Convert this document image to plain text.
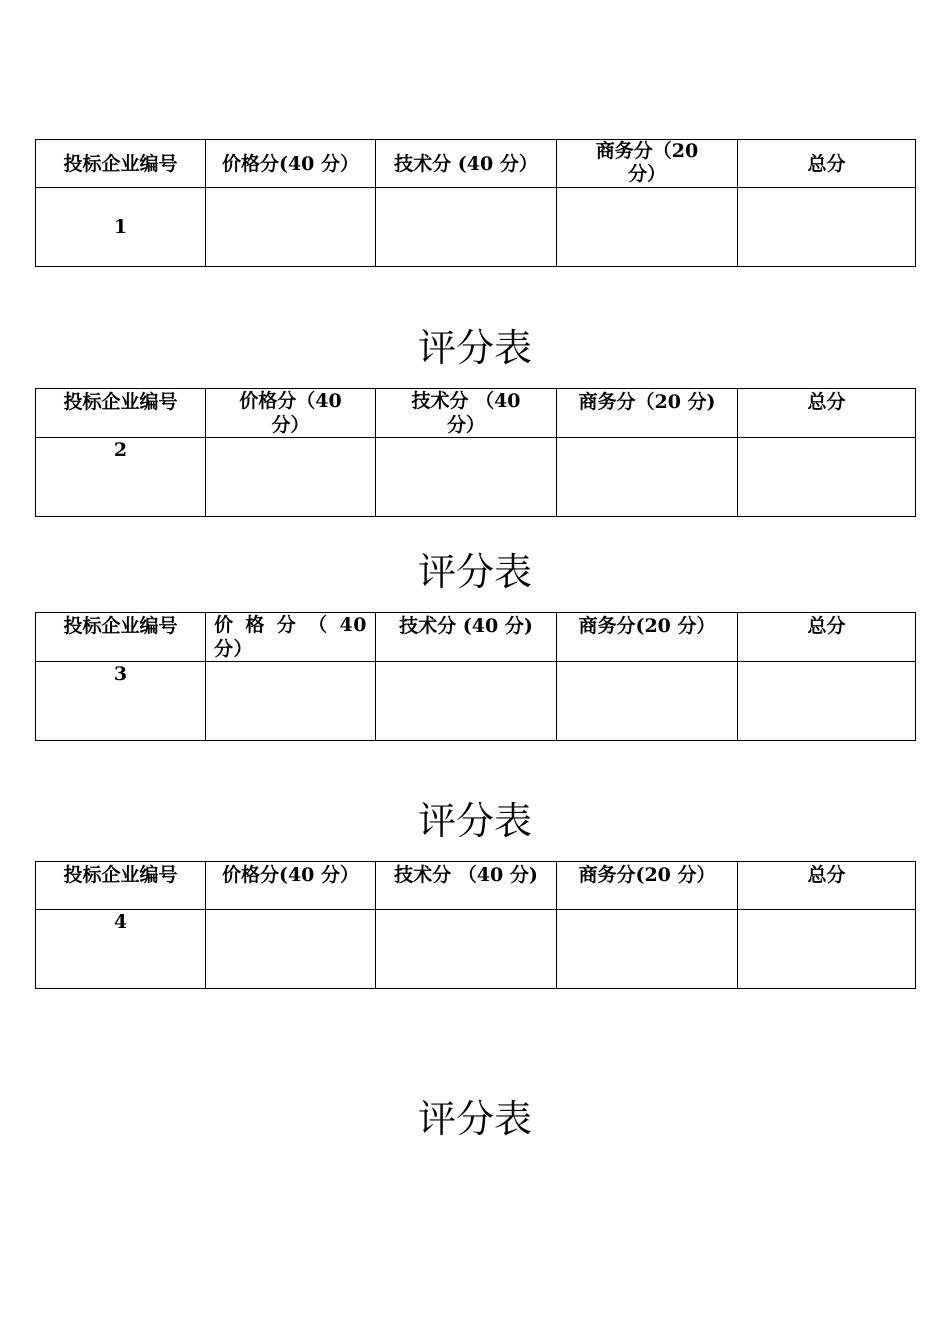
投标企业编号	价格分(40 分）	技术分 (40 分）	商务分（20 分）	总分
1				
评分表
投标企业编号	价格分（40 分）	技术分 （40 分）	商务分（20 分)	总分
2				
评分表
投标企业编号	价 格 分 （ 40 分）	技术分 (40 分)	商务分(20 分）	总分
3				
评分表
投标企业编号	价格分(40 分）	技术分 （40 分)	商务分(20 分）	总分
4				
评分表
